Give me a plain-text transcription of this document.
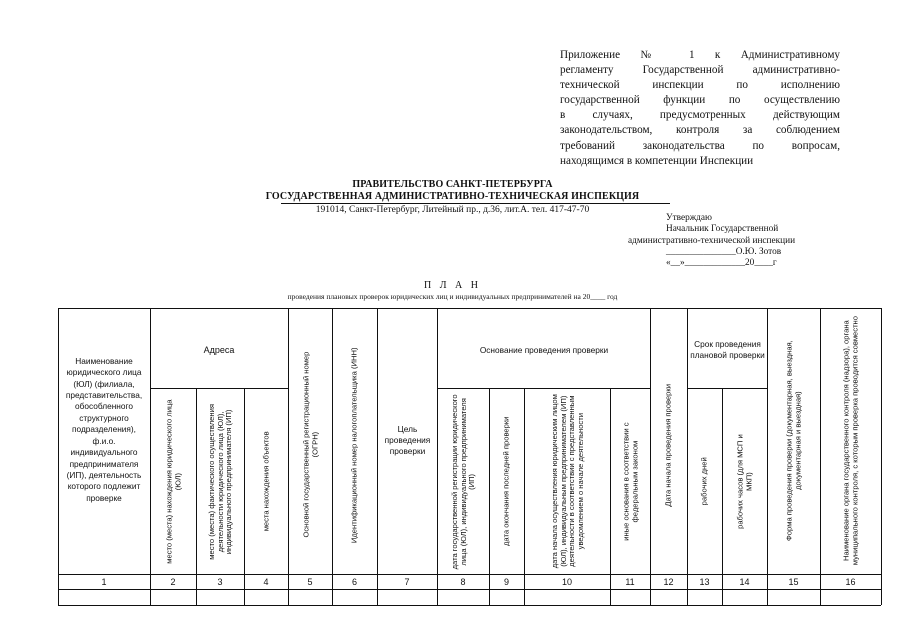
Приложение № 1 к Административному
регламенту Государственной административно-
технической инспекции по исполнению
государственной функции по осуществлению
в случаях, предусмотренных действующим
законодательством, контроля за соблюдением
требований законодательства по вопросам,
находящимся в компетенции Инспекции
ПРАВИТЕЛЬСТВО САНКТ-ПЕТЕРБУРГА
ГОСУДАРСТВЕННАЯ АДМИНИСТРАТИВНО-ТЕХНИЧЕСКАЯ ИНСПЕКЦИЯ
191014, Санкт-Петербург, Литейный пр., д.36, лит.А. тел. 417-47-70
Утверждаю
Начальник Государственной
административно-технической инспекции
_______________О.Ю. Зотов
«__»_____________20____г
П Л А Н
проведения плановых проверок юридических лиц и индивидуальных предпринимателей на 20____ год
Наименование юридического лица (ЮЛ) (филиала, представительства, обособленного структурного подразделения), ф.и.о. индивидуального предпринимателя (ИП), деятельность которого подлежит проверке
Адреса
место (места) нахождения юридического лица (ЮЛ)	место (места) фактического осуществления деятельности юридического лица (ЮЛ), индивидуального предпринимателя (ИП)	места нахождения объектов	Основной государственный регистрационный номер (ОГРН)	Идентификационный номер налогоплательщика (ИНН)	Цель проведения проверки
Основание проведения проверки
дата государственной регистрации юридического лица (ЮЛ), индивидуального предпринимателя (ИП)	дата окончания последней проверки	дата начала осуществления юридическим лицом (ЮЛ), индивидуальным предпринимателем (ИП) деятельности в соответствии с представленным уведомлением о начале деятельности	иные основания в соответствии с федеральным законом	Дата начала проведения проверки
Срок проведения плановой проверки
рабочих дней	рабочих часов (для МСП и МКП)	Форма проведения проверки (документарная, выездная, документарная и выездная)	Наименование органа государственного контроля (надзора), органа муниципального контроля, с которым проверка проводится совместно
1	2	3	4	5	6	7	8	9	10	11	12	13	14	15	16
